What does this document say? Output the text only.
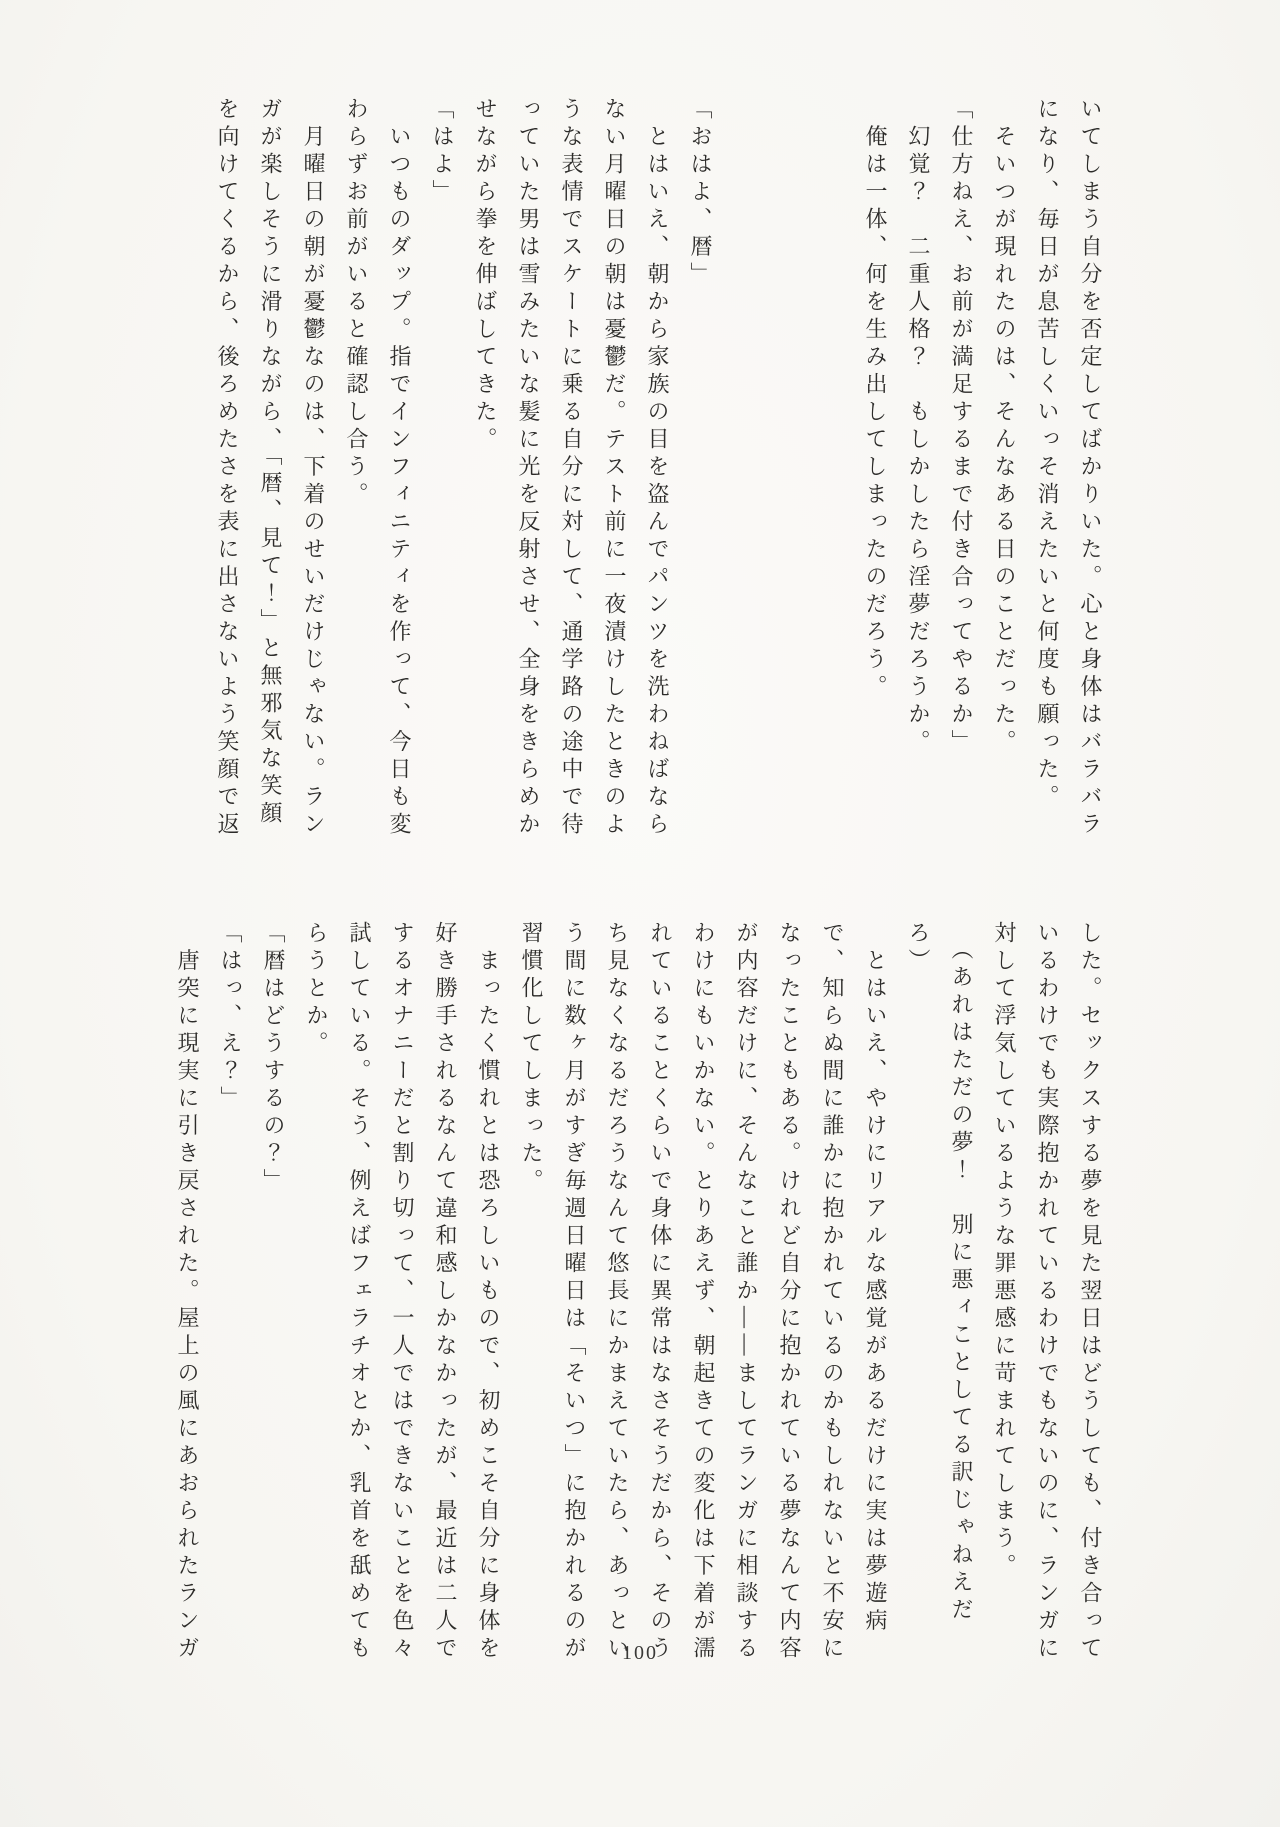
いてしまう自分を否定してばかりいた。心と身体はバラバラになり、毎日が息苦しくいっそ消えたいと何度も願った。

　そいつが現れたのは、そんなある日のことだった。

「仕方ねえ、お前が満足するまで付き合ってやるか」

　幻覚？　二重人格？　もしかしたら淫夢だろうか。

　俺は一体、何を生み出してしまったのだろう。

「おはよ、暦」

　とはいえ、朝から家族の目を盗んでパンツを洗わねばならない月曜日の朝は憂鬱だ。テスト前に一夜漬けしたときのような表情でスケートに乗る自分に対して、通学路の途中で待っていた男は雪みたいな髪に光を反射させ、全身をきらめかせながら拳を伸ばしてきた。

「はよ」

　いつものダップ。指でインフィニティを作って、今日も変わらずお前がいると確認し合う。

　月曜日の朝が憂鬱なのは、下着のせいだけじゃない。ランガが楽しそうに滑りながら、「暦、見て！」と無邪気な笑顔を向けてくるから、後ろめたさを表に出さないよう笑顔で返

した。セックスする夢を見た翌日はどうしても、付き合っているわけでも実際抱かれているわけでもないのに、ランガに対して浮気しているような罪悪感に苛まれてしまう。

　（あれはただの夢！　別に悪ィことしてる訳じゃねえだろ）

　とはいえ、やけにリアルな感覚があるだけに実は夢遊病で、知らぬ間に誰かに抱かれているのかもしれないと不安になったこともある。けれど自分に抱かれている夢なんて内容が内容だけに、そんなこと誰か――ましてランガに相談するわけにもいかない。とりあえず、朝起きての変化は下着が濡れていることくらいで身体に異常はなさそうだから、そのうち見なくなるだろうなんて悠長にかまえていたら、あっという間に数ヶ月がすぎ毎週日曜日は「そいつ」に抱かれるのが習慣化してしまった。

　まったく慣れとは恐ろしいもので、初めこそ自分に身体を好き勝手されるなんて違和感しかなかったが、最近は二人でするオナニーだと割り切って、一人ではできないことを色々試している。そう、例えばフェラチオとか、乳首を舐めてもらうとか。

「暦はどうするの？」

「はっ、え？」

　唐突に現実に引き戻された。屋上の風にあおられたランガ	100
